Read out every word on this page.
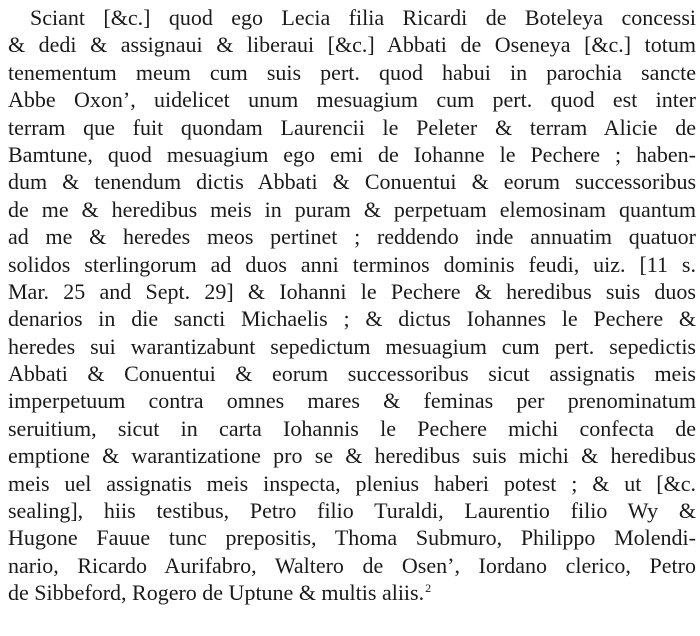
Sciant [&c.] quod ego Lecia filia Ricardi de Boteleya concessi
& dedi & assignaui & liberaui [&c.] Abbati de Oseneya [&c.] totum
tenementum meum cum suis pert. quod habui in parochia sancte
Abbe Oxon’, uidelicet unum mesuagium cum pert. quod est inter
terram que fuit quondam Laurencii le Peleter & terram Alicie de
Bamtune, quod mesuagium ego emi de Iohanne le Pechere ; haben-
dum & tenendum dictis Abbati & Conuentui & eorum successoribus
de me & heredibus meis in puram & perpetuam elemosinam quantum
ad me & heredes meos pertinet ; reddendo inde annuatim quatuor
solidos sterlingorum ad duos anni terminos dominis feudi, uiz. [11 s.
Mar. 25 and Sept. 29] & Iohanni le Pechere & heredibus suis duos
denarios in die sancti Michaelis ; & dictus Iohannes le Pechere &
heredes sui warantizabunt sepedictum mesuagium cum pert. sepedictis
Abbati & Conuentui & eorum successoribus sicut assignatis meis
imperpetuum contra omnes mares & feminas per prenominatum
seruitium, sicut in carta Iohannis le Pechere michi confecta de
emptione & warantizatione pro se & heredibus suis michi & heredibus
meis uel assignatis meis inspecta, plenius haberi potest ; & ut [&c.
sealing], hiis testibus, Petro filio Turaldi, Laurentio filio Wy &
Hugone Fauue tunc prepositis, Thoma Submuro, Philippo Molendi-
nario, Ricardo Aurifabro, Waltero de Osen’, Iordano clerico, Petro
de Sibbeford, Rogero de Uptune & multis aliis.$^2$
